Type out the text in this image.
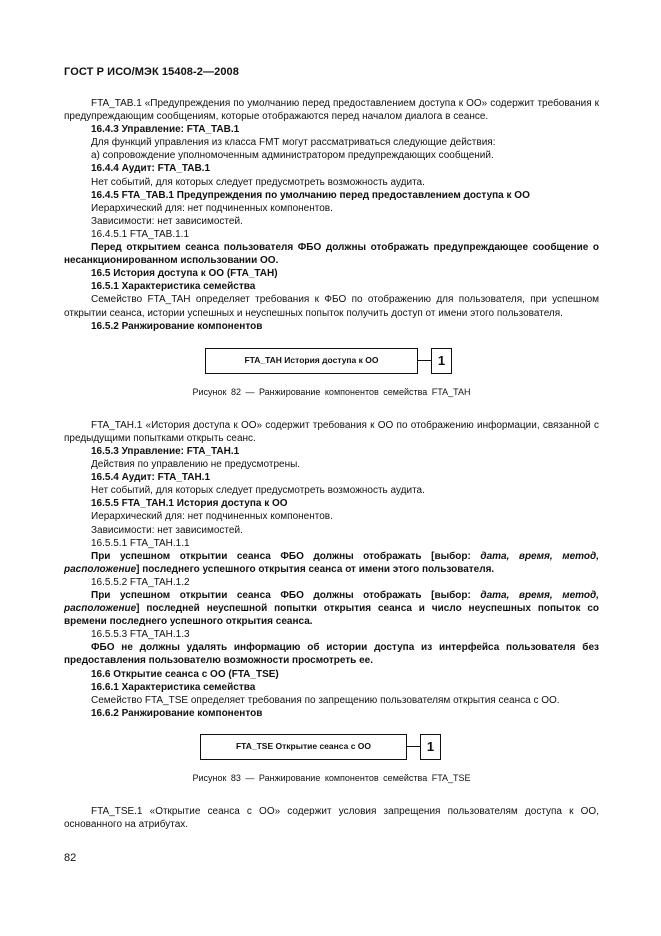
ГОСТ Р ИСО/МЭК 15408-2—2008

FTA_TAB.1 «Предупреждения по умолчанию перед предоставлением доступа к ОО» содержит требования к предупреждающим сообщениям, которые отображаются перед началом диалога в сеансе.

16.4.3 Управление: FTA_TAB.1

Для функций управления из класса FMT могут рассматриваться следующие действия:

а) сопровождение уполномоченным администратором предупреждающих сообщений.

16.4.4 Аудит: FTA_TAB.1

Нет событий, для которых следует предусмотреть возможность аудита.

16.4.5 FTA_TAB.1 Предупреждения по умолчанию перед предоставлением доступа к ОО

Иерархический для: нет подчиненных компонентов.

Зависимости: нет зависимостей.

16.4.5.1 FTA_TAB.1.1

Перед открытием сеанса пользователя ФБО должны отображать предупреждающее сообщение о несанкционированном использовании ОО.

16.5 История доступа к ОО (FTA_TAH)

16.5.1 Характеристика семейства

Семейство FTA_TAH определяет требования к ФБО по отображению для пользователя, при успешном открытии сеанса, истории успешных и неуспешных попыток получить доступ от имени этого пользователя.

16.5.2 Ранжирование компонентов

FTA_TAH История доступа к ОО	1

Рисунок 82 — Ранжирование компонентов семейства FTA_TAH

FTA_TAH.1 «История доступа к ОО» содержит требования к ОО по отображению информации, связанной с предыдущими попытками открыть сеанс.

16.5.3 Управление: FTA_TAH.1

Действия по управлению не предусмотрены.

16.5.4 Аудит: FTA_TAH.1

Нет событий, для которых следует предусмотреть возможность аудита.

16.5.5 FTA_TAH.1 История доступа к ОО

Иерархический для: нет подчиненных компонентов.

Зависимости: нет зависимостей.

16.5.5.1 FTA_TAH.1.1

При успешном открытии сеанса ФБО должны отображать [выбор: дата, время, метод, расположение] последнего успешного открытия сеанса от имени этого пользователя.

16.5.5.2 FTA_TAH.1.2

При успешном открытии сеанса ФБО должны отображать [выбор: дата, время, метод, расположение] последней неуспешной попытки открытия сеанса и число неуспешных попыток со времени последнего успешного открытия сеанса.

16.5.5.3 FTA_TAH.1.3

ФБО не должны удалять информацию об истории доступа из интерфейса пользователя без предоставления пользователю возможности просмотреть ее.

16.6 Открытие сеанса с ОО (FTA_TSE)

16.6.1 Характеристика семейства

Семейство FTA_TSE определяет требования по запрещению пользователям открытия сеанса с ОО.

16.6.2 Ранжирование компонентов

FTA_TSE Открытие сеанса с ОО	1

Рисунок 83 — Ранжирование компонентов семейства FTA_TSE

FTA_TSE.1 «Открытие сеанса с ОО» содержит условия запрещения пользователям доступа к ОО, основанного на атрибутах.

82
